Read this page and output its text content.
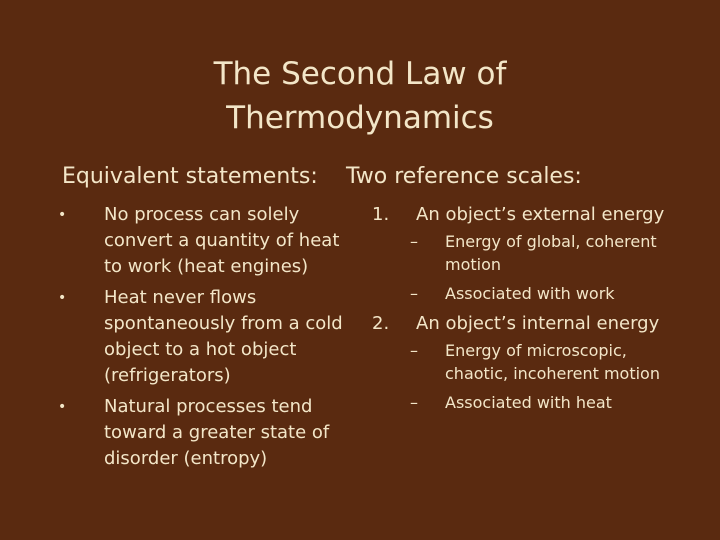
The Second Law of
Thermodynamics
Equivalent statements:
• No process can solely convert a quantity of heat to work (heat engines)
• Heat never flows spontaneously from a cold object to a hot object (refrigerators)
• Natural processes tend toward a greater state of disorder (entropy)
Two reference scales:
1. An object’s external energy
– Energy of global, coherent motion
– Associated with work
2. An object’s internal energy
– Energy of microscopic, chaotic, incoherent motion
– Associated with heat
